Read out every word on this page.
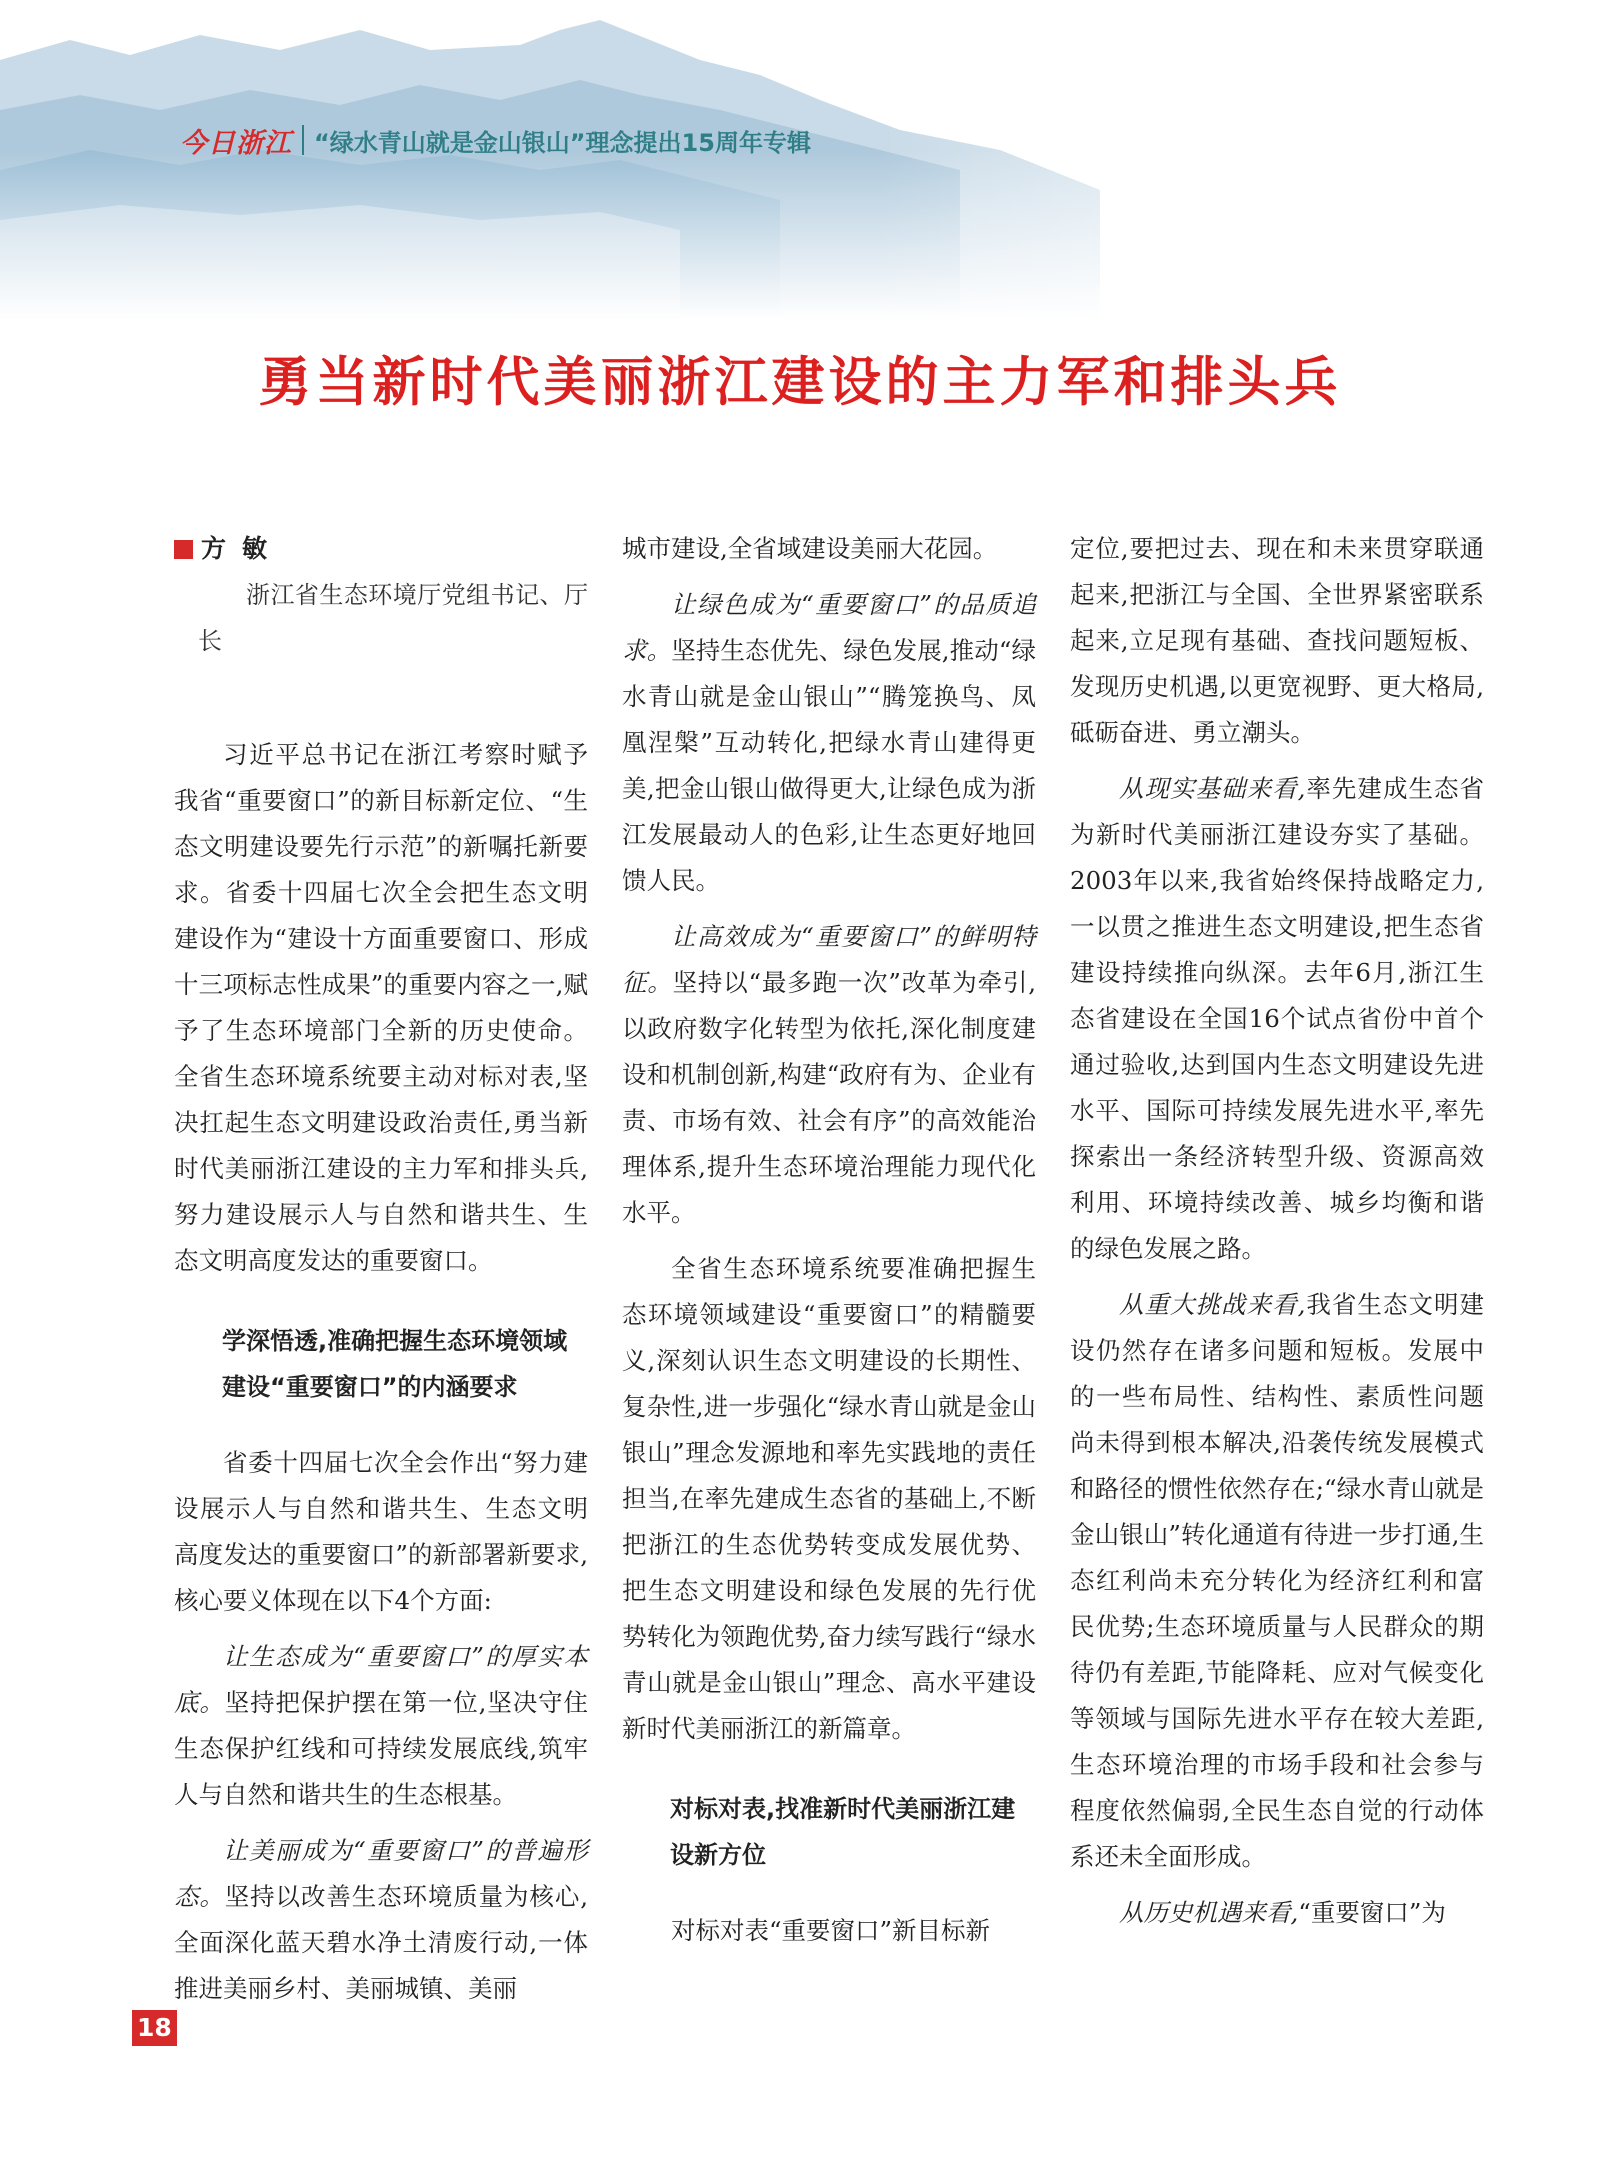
今日浙江 “绿水青山就是金山银山”理念提出15周年专辑
勇当新时代美丽浙江建设的主力军和排头兵
方敏

浙江省生态环境厅党组书记、厅长

习近平总书记在浙江考察时赋予我省“重要窗口”的新目标新定位、“生态文明建设要先行示范”的新嘱托新要求。省委十四届七次全会把生态文明建设作为“建设十方面重要窗口、形成十三项标志性成果”的重要内容之一,赋予了生态环境部门全新的历史使命。全省生态环境系统要主动对标对表,坚决扛起生态文明建设政治责任,勇当新时代美丽浙江建设的主力军和排头兵,努力建设展示人与自然和谐共生、生态文明高度发达的重要窗口。

学深悟透,准确把握生态环境领域建设“重要窗口”的内涵要求

省委十四届七次全会作出“努力建设展示人与自然和谐共生、生态文明高度发达的重要窗口”的新部署新要求,核心要义体现在以下4个方面:

让生态成为“重要窗口”的厚实本底。坚持把保护摆在第一位,坚决守住生态保护红线和可持续发展底线,筑牢人与自然和谐共生的生态根基。

让美丽成为“重要窗口”的普遍形态。坚持以改善生态环境质量为核心,全面深化蓝天碧水净土清废行动,一体推进美丽乡村、美丽城镇、美丽

城市建设,全省域建设美丽大花园。

让绿色成为“重要窗口”的品质追求。坚持生态优先、绿色发展,推动“绿水青山就是金山银山”“腾笼换鸟、凤凰涅槃”互动转化,把绿水青山建得更美,把金山银山做得更大,让绿色成为浙江发展最动人的色彩,让生态更好地回馈人民。

让高效成为“重要窗口”的鲜明特征。坚持以“最多跑一次”改革为牵引,以政府数字化转型为依托,深化制度建设和机制创新,构建“政府有为、企业有责、市场有效、社会有序”的高效能治理体系,提升生态环境治理能力现代化水平。

全省生态环境系统要准确把握生态环境领域建设“重要窗口”的精髓要义,深刻认识生态文明建设的长期性、复杂性,进一步强化“绿水青山就是金山银山”理念发源地和率先实践地的责任担当,在率先建成生态省的基础上,不断把浙江的生态优势转变成发展优势、把生态文明建设和绿色发展的先行优势转化为领跑优势,奋力续写践行“绿水青山就是金山银山”理念、高水平建设新时代美丽浙江的新篇章。

对标对表,找准新时代美丽浙江建设新方位

对标对表“重要窗口”新目标新

定位,要把过去、现在和未来贯穿联通起来,把浙江与全国、全世界紧密联系起来,立足现有基础、查找问题短板、发现历史机遇,以更宽视野、更大格局,砥砺奋进、勇立潮头。

从现实基础来看,率先建成生态省为新时代美丽浙江建设夯实了基础。2003年以来,我省始终保持战略定力,一以贯之推进生态文明建设,把生态省建设持续推向纵深。去年6月,浙江生态省建设在全国16个试点省份中首个通过验收,达到国内生态文明建设先进水平、国际可持续发展先进水平,率先探索出一条经济转型升级、资源高效利用、环境持续改善、城乡均衡和谐的绿色发展之路。

从重大挑战来看,我省生态文明建设仍然存在诸多问题和短板。发展中的一些布局性、结构性、素质性问题尚未得到根本解决,沿袭传统发展模式和路径的惯性依然存在;“绿水青山就是金山银山”转化通道有待进一步打通,生态红利尚未充分转化为经济红利和富民优势;生态环境质量与人民群众的期待仍有差距,节能降耗、应对气候变化等领域与国际先进水平存在较大差距,生态环境治理的市场手段和社会参与程度依然偏弱,全民生态自觉的行动体系还未全面形成。

从历史机遇来看,“重要窗口”为

18
